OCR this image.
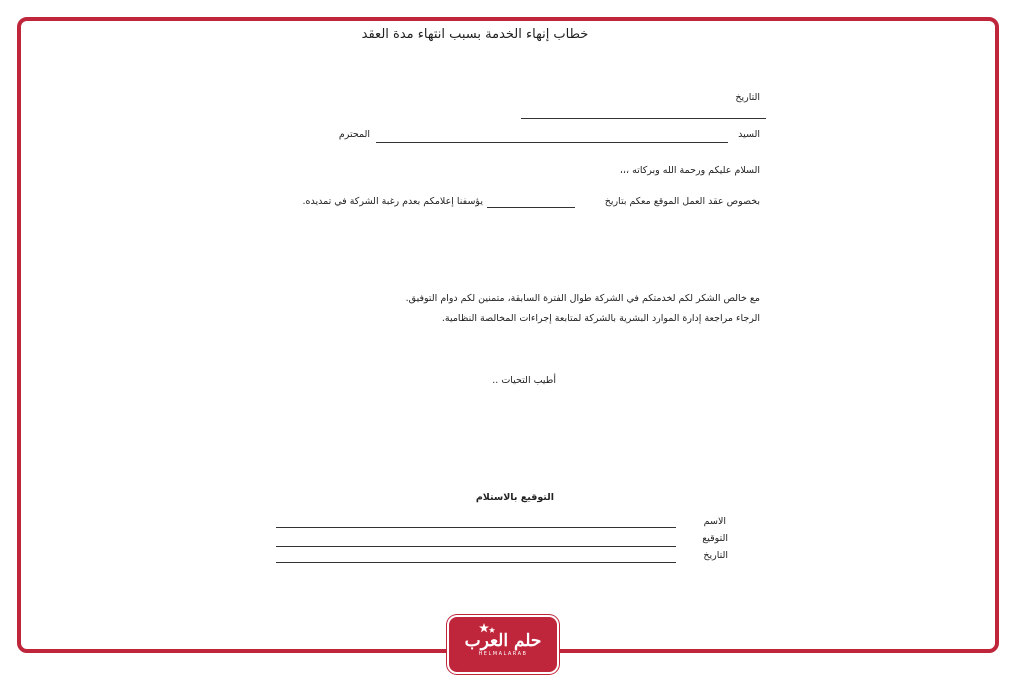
خطاب إنهاء الخدمة بسبب انتهاء مدة العقد
التاريخ
السيد
المحترم
السلام عليكم ورحمة الله وبركاته ،،،
بخصوص عقد العمل الموقع معكم بتاريخ
يؤسفنا إعلامكم بعدم رغبة الشركة في تمديده.
مع خالص الشكر لكم لخدمتكم في الشركة طوال الفترة السابقة، متمنين لكم دوام التوفيق.
الرجاء مراجعة إدارة الموارد البشرية بالشركة لمتابعة إجراءات المخالصة النظامية.
أطيب التحيات ..
التوقيع بالاستلام
الاسم
التوقيع
التاريخ
حلم العرب
HELMALARAB
